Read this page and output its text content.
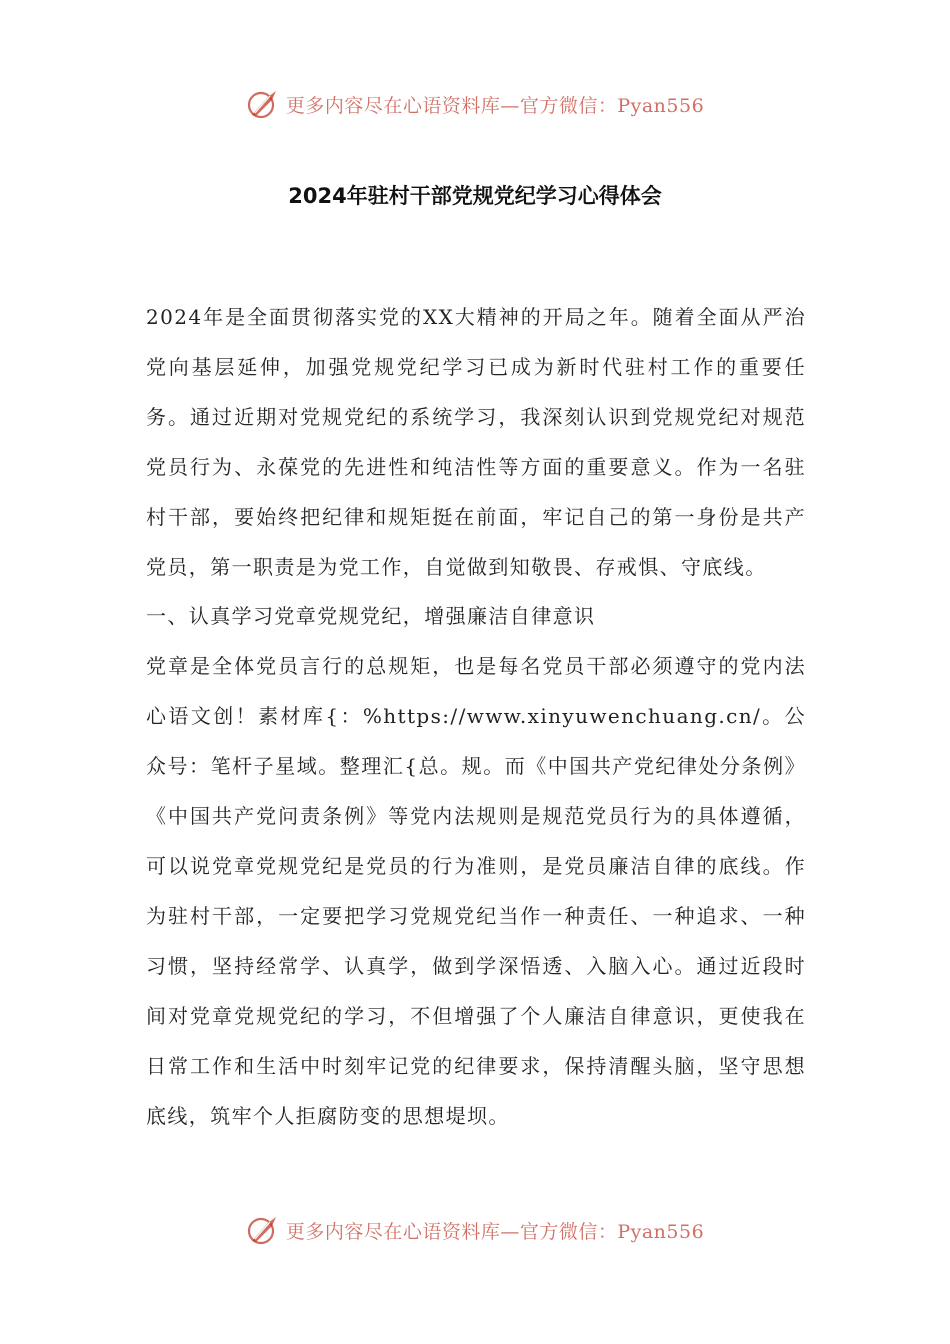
更多内容尽在心语资料库—官方微信：Pyan556
2024年驻村干部党规党纪学习心得体会

2024年是全面贯彻落实党的XX大精神的开局之年。随着全面从严治党向基层延伸，加强党规党纪学习已成为新时代驻村工作的重要任务。通过近期对党规党纪的系统学习，我深刻认识到党规党纪对规范党员行为、永葆党的先进性和纯洁性等方面的重要意义。作为一名驻村干部，要始终把纪律和规矩挺在前面，牢记自己的第一身份是共产党员，第一职责是为党工作，自觉做到知敬畏、存戒惧、守底线。

一、认真学习党章党规党纪，增强廉洁自律意识

党章是全体党员言行的总规矩，也是每名党员干部必须遵守的党内法心语文创！素材库{：%https://www.xinyuwenchuang.cn/。公众号：笔杆子星域。整理汇{总。规。而《中国共产党纪律处分条例》《中国共产党问责条例》等党内法规则是规范党员行为的具体遵循，可以说党章党规党纪是党员的行为准则，是党员廉洁自律的底线。作为驻村干部，一定要把学习党规党纪当作一种责任、一种追求、一种习惯，坚持经常学、认真学，做到学深悟透、入脑入心。通过近段时间对党章党规党纪的学习，不但增强了个人廉洁自律意识，更使我在日常工作和生活中时刻牢记党的纪律要求，保持清醒头脑，坚守思想底线，筑牢个人拒腐防变的思想堤坝。

更多内容尽在心语资料库—官方微信：Pyan556
